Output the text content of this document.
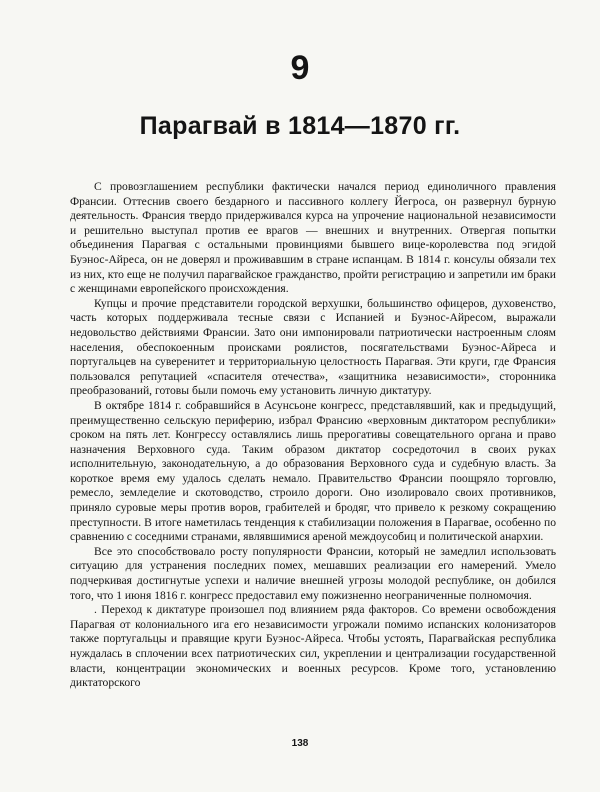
9
Парагвай в 1814—1870 гг.

С провозглашением республики фактически начался период единоличного правления Франсии. Оттеснив своего бездарного и пассивного коллегу Йегроса, он развернул бурную деятельность. Франсия твердо придерживался курса на упрочение национальной независимости и решительно выступал против ее врагов — внешних и внутренних. Отвергая попытки объединения Парагвая с остальными провинциями бывшего вице-королевства под эгидой Буэнос-Айреса, он не доверял и проживавшим в стране испанцам. В 1814 г. консулы обязали тех из них, кто еще не получил парагвайское гражданство, пройти регистрацию и запретили им браки с женщинами европейского происхождения.

Купцы и прочие представители городской верхушки, большинство офицеров, духовенство, часть которых поддерживала тесные связи с Испанией и Буэнос-Айресом, выражали недовольство действиями Франсии. Зато они импонировали патриотически настроенным слоям населения, обеспокоенным происками роялистов, посягательствами Буэнос-Айреса и португальцев на суверенитет и территориальную целостность Парагвая. Эти круги, где Франсия пользовался репутацией «спасителя отечества», «защитника независимости», сторонника преобразований, готовы были помочь ему установить личную диктатуру.

В октябре 1814 г. собравшийся в Асунсьоне конгресс, представлявший, как и предыдущий, преимущественно сельскую периферию, избрал Франсию «верховным диктатором республики» сроком на пять лет. Конгрессу оставлялись лишь прерогативы совещательного органа и право назначения Верховного суда. Таким образом диктатор сосредоточил в своих руках исполнительную, законодательную, а до образования Верховного суда и судебную власть. За короткое время ему удалось сделать немало. Правительство Франсии поощряло торговлю, ремесло, земледелие и скотоводство, строило дороги. Оно изолировало своих противников, приняло суровые меры против воров, грабителей и бродяг, что привело к резкому сокращению преступности. В итоге наметилась тенденция к стабилизации положения в Парагвае, особенно по сравнению с соседними странами, являвшимися ареной междоусобиц и политической анархии.

Все это способствовало росту популярности Франсии, который не замедлил использовать ситуацию для устранения последних помех, мешавших реализации его намерений. Умело подчеркивая достигнутые успехи и наличие внешней угрозы молодой республике, он добился того, что 1 июня 1816 г. конгресс предоставил ему пожизненно неограниченные полномочия.

. Переход к диктатуре произошел под влиянием ряда факторов. Со времени освобождения Парагвая от колониального ига его независимости угрожали помимо испанских колонизаторов также португальцы и правящие круги Буэнос-Айреса. Чтобы устоять, Парагвайская республика нуждалась в сплочении всех патриотических сил, укреплении и централизации государственной власти, концентрации экономических и военных ресурсов. Кроме того, установлению диктаторского

138
